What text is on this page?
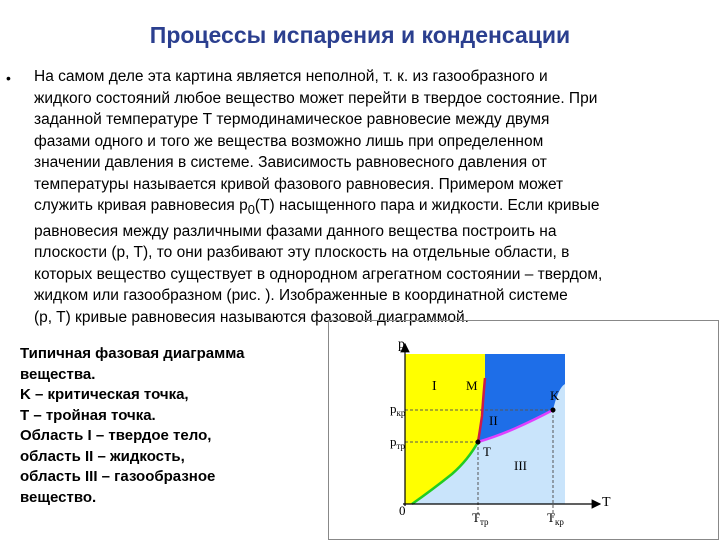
Процессы испарения и конденсации
• На самом деле эта картина является неполной, т. к. из газообразного и
жидкого состояний любое вещество может перейти в твердое состояние. При
заданной температуре Т термодинамическое равновесие между двумя
фазами одного и того же вещества возможно лишь при определенном
значении давления в системе. Зависимость равновесного давления от
температуры называется кривой фазового равновесия. Примером может
служить кривая равновесия $p_0(T)$ насыщенного пара и жидкости. Если кривые
равновесия между различными фазами данного вещества построить на
плоскости (p, T), то они разбивают эту плоскость на отдельные области, в
которых вещество существует в однородном агрегатном состоянии – твердом,
жидком или газообразном (рис. ). Изображенные в координатной системе
(p, T) кривые равновесия называются фазовой диаграммой.
Типичная фазовая диаграмма
вещества.
K – критическая точка,
T – тройная точка.
Область I – твердое тело,
область II – жидкость,
область III – газообразное
вещество.
p
T
0
$p_{кр}$
$p_{тр}$
$T_{тр}$	$T_{кр}$
I M
II
K
T
III
